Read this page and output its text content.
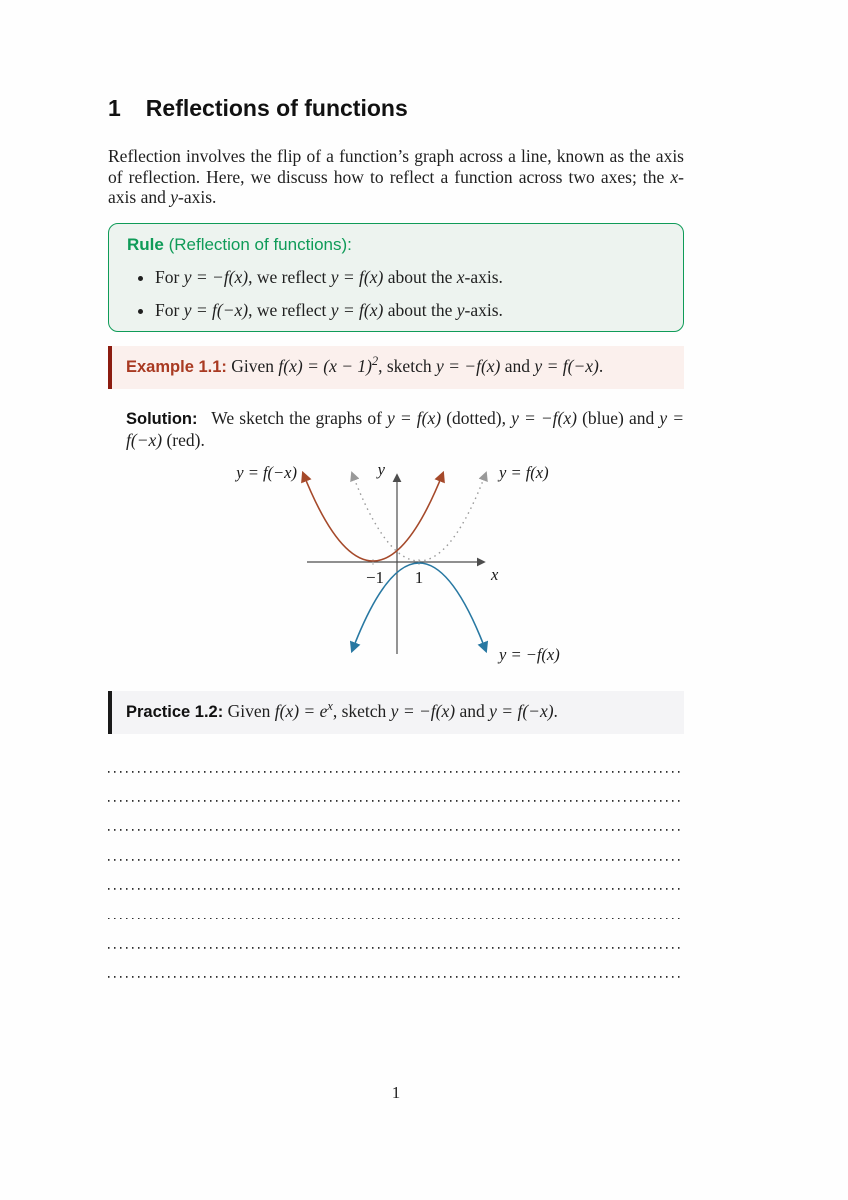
1 Reflections of functions

Reflection involves the flip of a function’s graph across a line, known as the axis of reflection. Here, we discuss how to reflect a function across two axes; the x-axis and y-axis.

Rule (Reflection of functions):
• For y = −f(x), we reflect y = f(x) about the x-axis.
• For y = f(−x), we reflect y = f(x) about the y-axis.
Example 1.1: Given $f(x) = (x - 1)^2$, sketch y = −f(x) and y = f(−x).
Solution: We sketch the graphs of y = f(x) (dotted), y = −f(x) (blue) and y = f(−x) (red).
y = f(−x)	y = f(x)
y = −f(x)
y
x
−1 1
Practice 1.2: Given $f(x) = e^x$, sketch y = −f(x) and y = f(−x).
1
